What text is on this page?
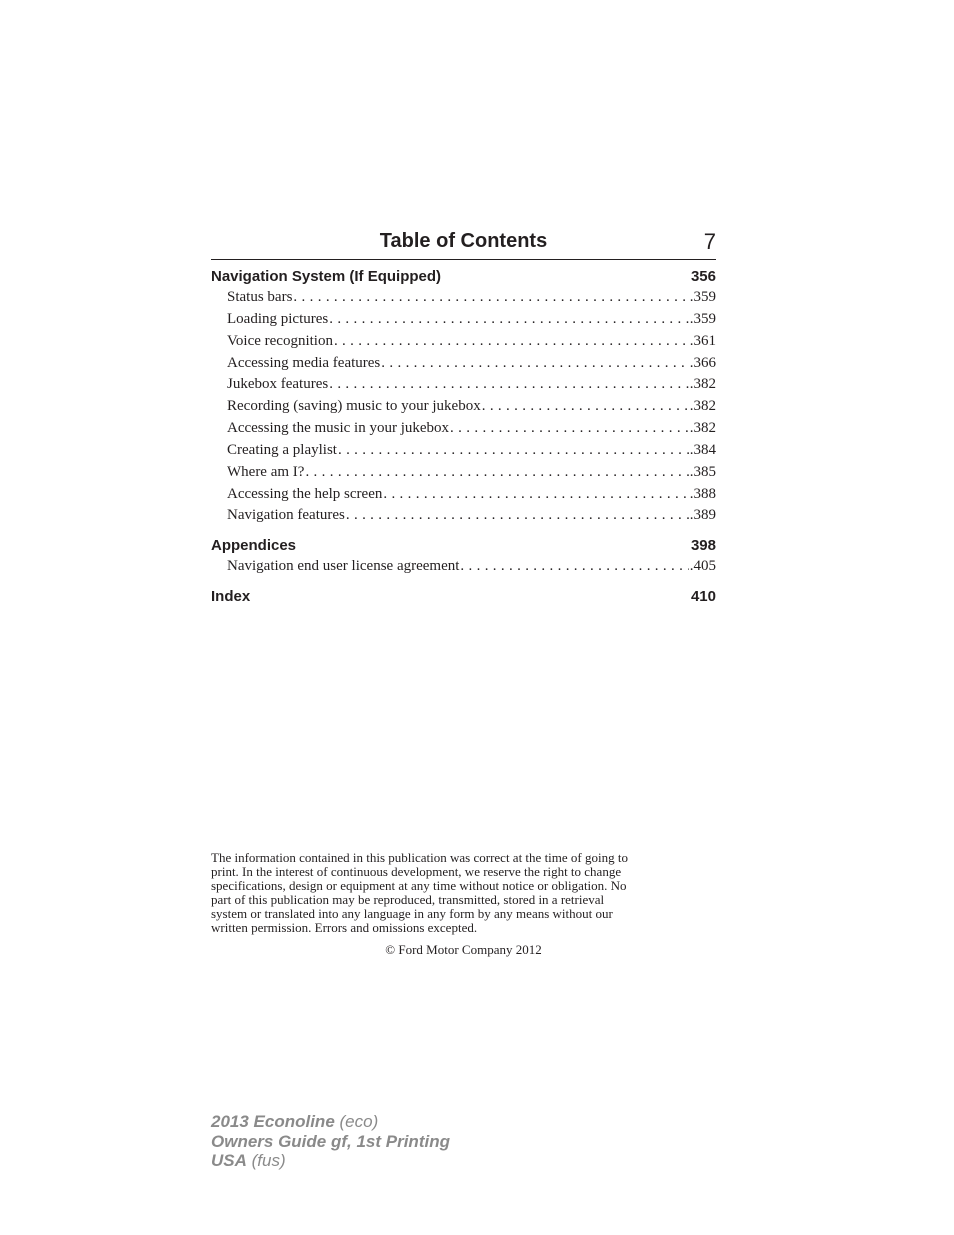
Table of Contents	7
Navigation System (If Equipped)	356
Status bars . . .	.359
Loading pictures . . .	.359
Voice recognition . . .	.361
Accessing media features . . .	.366
Jukebox features . . .	.382
Recording (saving) music to your jukebox . . .	.382
Accessing the music in your jukebox . . .	.382
Creating a playlist . . .	.384
Where am I? . . .	.385
Accessing the help screen . . .	.388
Navigation features . . .	.389
Appendices	398
Navigation end user license agreement . . .	.405
Index	410
The information contained in this publication was correct at the time of going to
print. In the interest of continuous development, we reserve the right to change
specifications, design or equipment at any time without notice or obligation. No
part of this publication may be reproduced, transmitted, stored in a retrieval
system or translated into any language in any form by any means without our
written permission. Errors and omissions excepted.
© Ford Motor Company 2012
2013 Econoline (eco)
Owners Guide gf, 1st Printing
USA (fus)
